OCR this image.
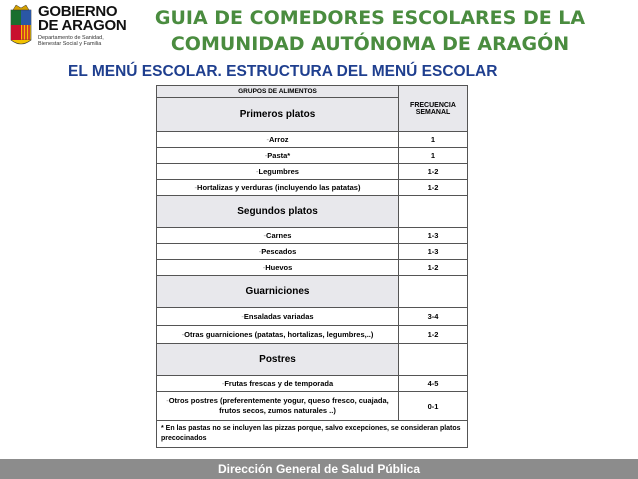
GOBIERNO
DE ARAGON
Departamento de Sanidad,
Bienestar Social y Familia
GUIA DE COMEDORES ESCOLARES DE LA
COMUNIDAD AUTÓNOMA DE ARAGÓN
EL MENÚ ESCOLAR. ESTRUCTURA DEL MENÚ ESCOLAR
GRUPOS DE ALIMENTOS	FRECUENCIA SEMANAL
Primeros platos	
-Arroz	1
-Pasta*	1
-Legumbres	1-2
-Hortalizas y verduras (incluyendo las patatas)	1-2
Segundos platos	
-Carnes	1-3
-Pescados	1-3
-Huevos	1-2
Guarniciones	
-Ensaladas variadas	3-4
-Otras guarniciones (patatas, hortalizas, legumbres,..)	1-2
Postres	
-Frutas frescas y de temporada	4-5
-Otros postres (preferentemente yogur, queso fresco, cuajada, frutos secos, zumos naturales ..)	0-1
* En las pastas no se incluyen las pizzas porque, salvo excepciones, se consideran platos precocinados	
Dirección General de Salud Pública
